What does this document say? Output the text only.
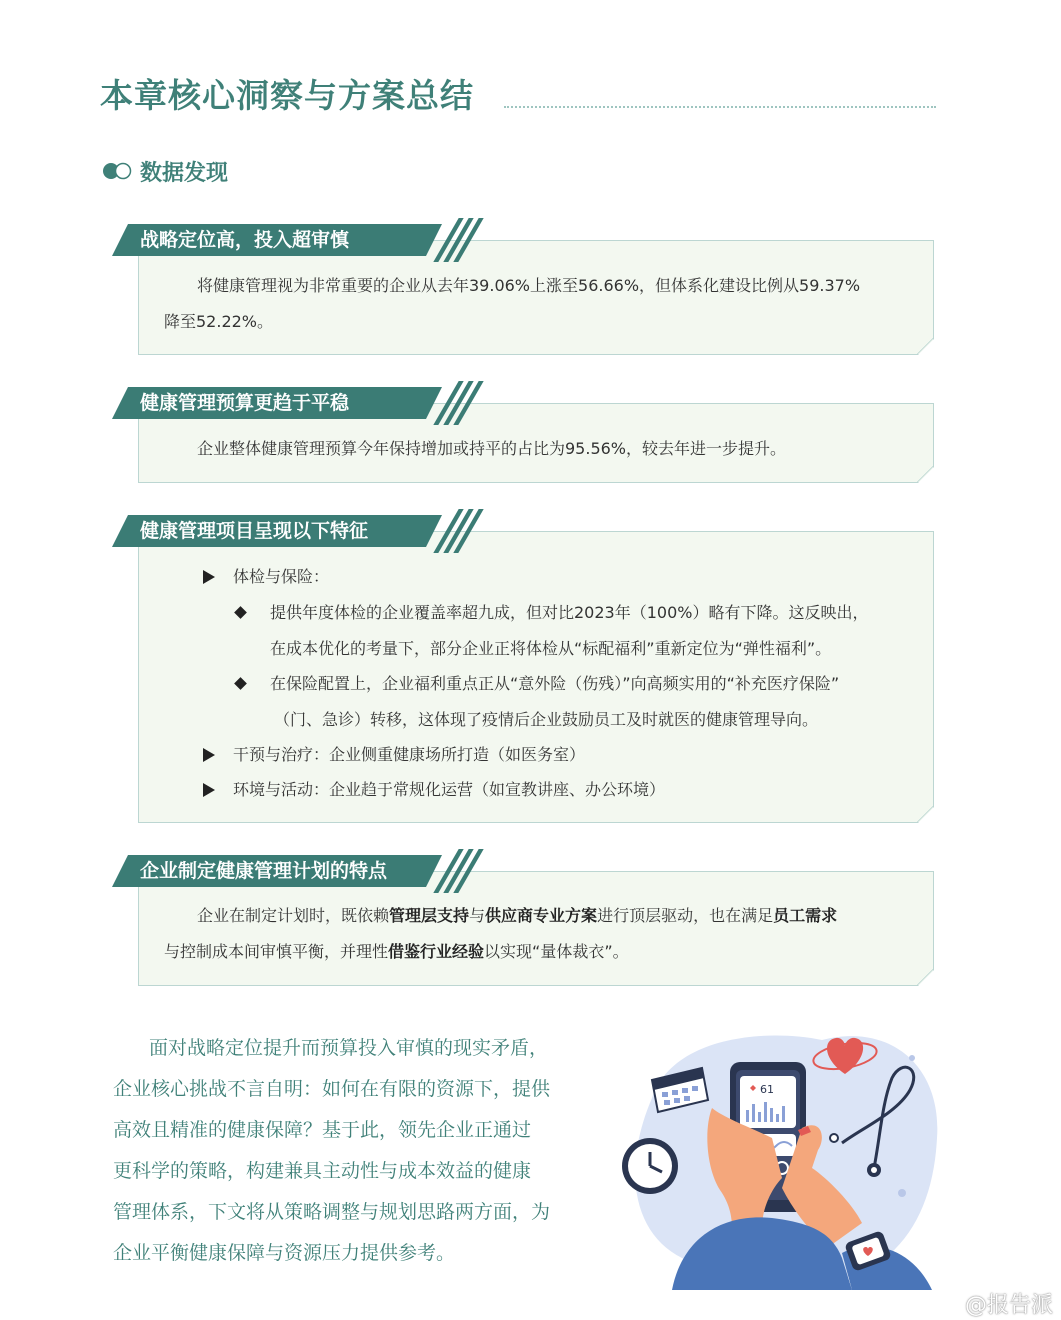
本章核心洞察与方案总结
数据发现
战略定位高，投入超审慎
将健康管理视为非常重要的企业从去年39.06%上涨至56.66%，但体系化建设比例从59.37%
降至52.22%。
健康管理预算更趋于平稳
企业整体健康管理预算今年保持增加或持平的占比为95.56%，较去年进一步提升。
健康管理项目呈现以下特征
体检与保险：
提供年度体检的企业覆盖率超九成，但对比2023年（100%）略有下降。这反映出，
在成本优化的考量下，部分企业正将体检从“标配福利”重新定位为“弹性福利”。
在保险配置上，企业福利重点正从“意外险（伤残）”向高频实用的“补充医疗保险”
（门、急诊）转移，这体现了疫情后企业鼓励员工及时就医的健康管理导向。
干预与治疗：企业侧重健康场所打造（如医务室）
环境与活动：企业趋于常规化运营（如宣教讲座、办公环境）
企业制定健康管理计划的特点
企业在制定计划时，既依赖管理层支持与供应商专业方案进行顶层驱动，也在满足员工需求
与控制成本间审慎平衡，并理性借鉴行业经验以实现“量体裁衣”。

面对战略定位提升而预算投入审慎的现实矛盾，

企业核心挑战不言自明：如何在有限的资源下，提供

高效且精准的健康保障？基于此，领先企业正通过

更科学的策略，构建兼具主动性与成本效益的健康

管理体系，下文将从策略调整与规划思路两方面，为

企业平衡健康保障与资源压力提供参考。

61
@报告派
